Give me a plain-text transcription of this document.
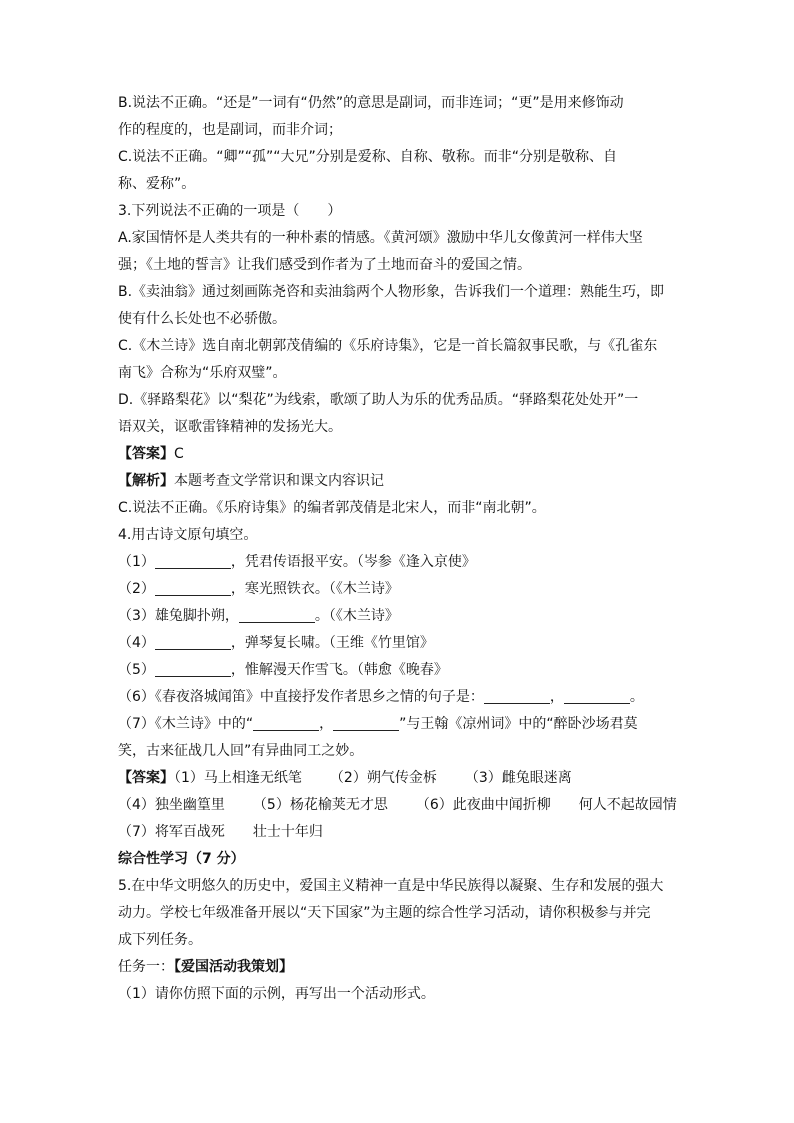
B.说法不正确。“还是”一词有“仍然”的意思是副词，而非连词；“更”是用来修饰动
作的程度的，也是副词，而非介词；
C.说法不正确。“卿”“孤”“大兄”分别是爱称、自称、敬称。而非“分别是敬称、自
称、爱称”。
3.下列说法不正确的一项是（　　）
A.家国情怀是人类共有的一种朴素的情感。《黄河颂》激励中华儿女像黄河一样伟大坚
强；《土地的誓言》让我们感受到作者为了土地而奋斗的爱国之情。
B.《卖油翁》通过刻画陈尧咨和卖油翁两个人物形象，告诉我们一个道理：熟能生巧，即
使有什么长处也不必骄傲。
C.《木兰诗》选自南北朝郭茂倩编的《乐府诗集》，它是一首长篇叙事民歌，与《孔雀东
南飞》合称为“乐府双璧”。
D.《驿路梨花》以“梨花”为线索，歌颂了助人为乐的优秀品质。“驿路梨花处处开”一
语双关，讴歌雷锋精神的发扬光大。
【答案】C
【解析】本题考查文学常识和课文内容识记
C.说法不正确。《乐府诗集》的编者郭茂倩是北宋人，而非“南北朝”。
4.用古诗文原句填空。
（1）	，凭君传语报平安。（岑参《逢入京使》
（2）	，寒光照铁衣。（《木兰诗》
（3）雄兔脚扑朔，	。（《木兰诗》
（4）	，弹琴复长啸。（王维《竹里馆》
（5）	，惟解漫天作雪飞。（韩愈《晚春》
（6）《春夜洛城闻笛》中直接抒发作者思乡之情的句子是：	，	。
（7）《木兰诗》中的“	，	”与王翰《凉州词》中的“醉卧沙场君莫
笑，古来征战几人回”有异曲同工之妙。
【答案】（1）马上相逢无纸笔 （2）朔气传金柝 （3）雌兔眼迷离
（4）独坐幽篁里 （5）杨花榆荚无才思 （6）此夜曲中闻折柳 何人不起故园情
（7）将军百战死 壮士十年归
综合性学习（7 分）
5.在中华文明悠久的历史中，爱国主义精神一直是中华民族得以凝聚、生存和发展的强大
动力。学校七年级准备开展以“天下国家”为主题的综合性学习活动，请你积极参与并完
成下列任务。
任务一：【爱国活动我策划】
（1）请你仿照下面的示例，再写出一个活动形式。
